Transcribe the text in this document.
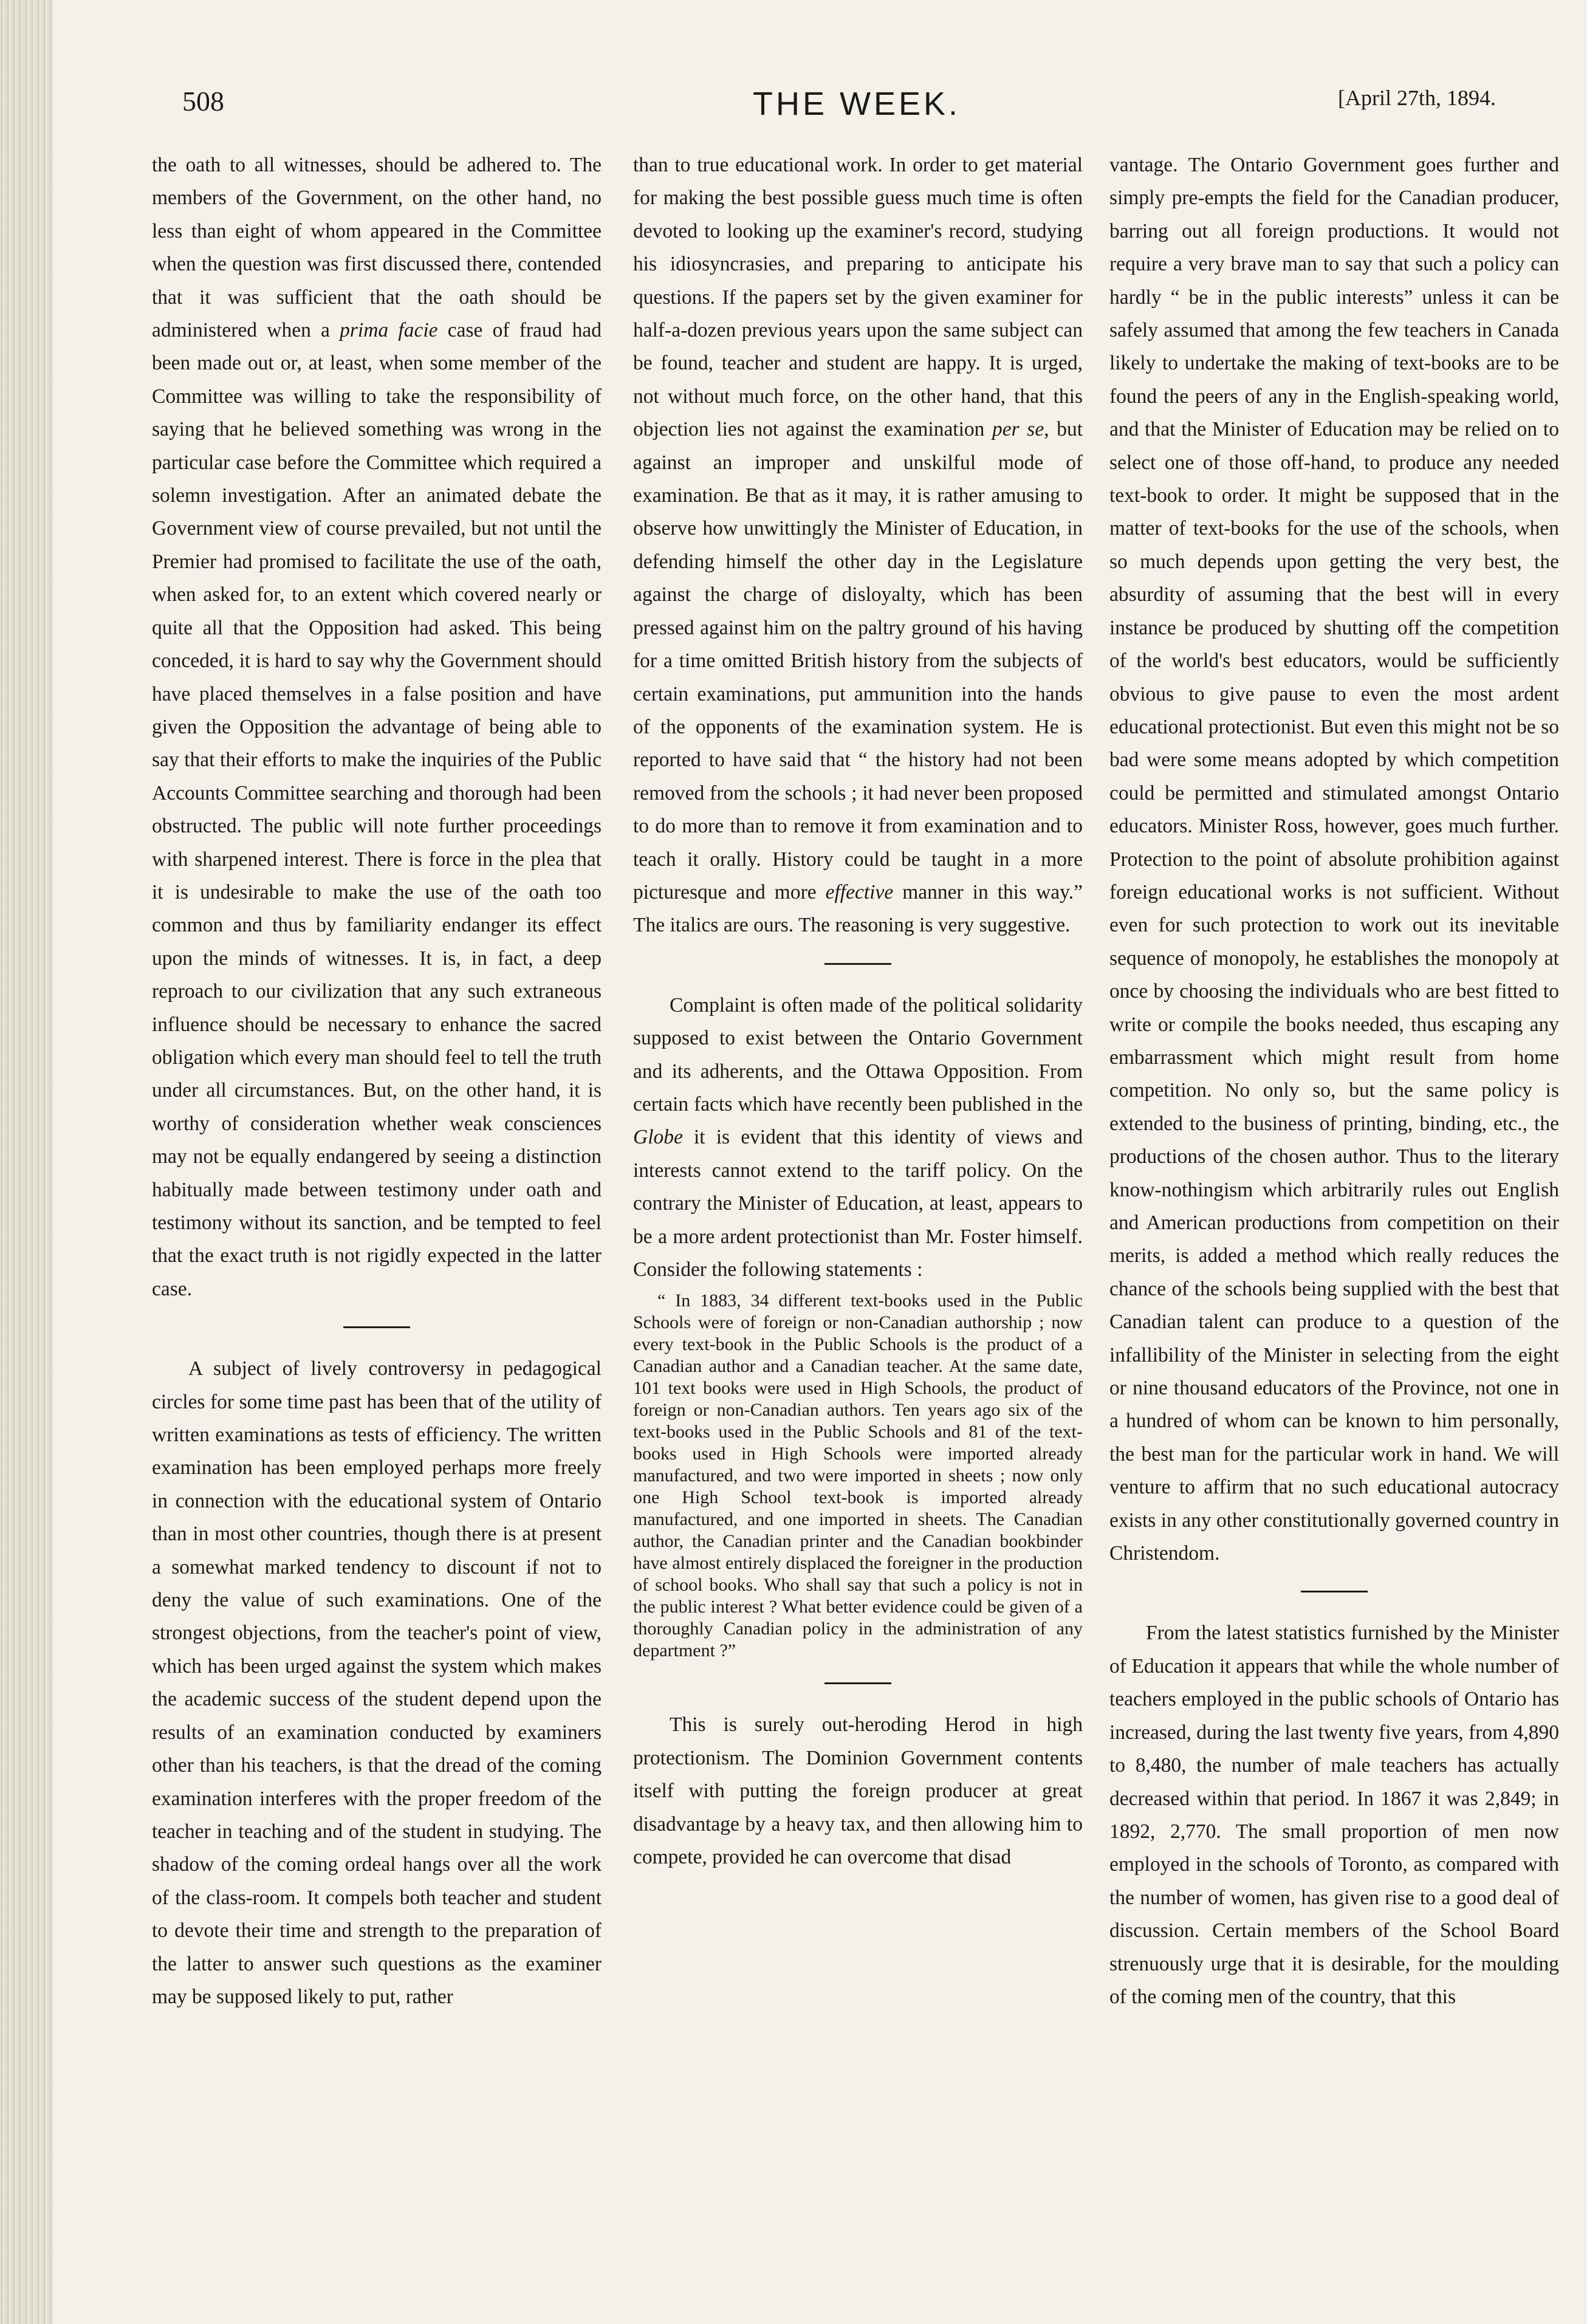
508	THE WEEK.	[April 27th, 1894.

the oath to all witnesses, should be adhered to. The members of the Government, on the other hand, no less than eight of whom appeared in the Committee when the question was first discussed there, contended that it was sufficient that the oath should be administered when a prima facie case of fraud had been made out or, at least, when some member of the Committee was willing to take the responsibility of saying that he believed something was wrong in the particular case before the Committee which required a solemn investigation. After an animated debate the Government view of course prevailed, but not until the Premier had promised to facilitate the use of the oath, when asked for, to an extent which covered nearly or quite all that the Opposition had asked. This being conceded, it is hard to say why the Government should have placed themselves in a false position and have given the Opposition the advantage of being able to say that their efforts to make the inquiries of the Public Accounts Committee searching and thorough had been obstructed. The public will note further proceedings with sharpened interest. There is force in the plea that it is undesirable to make the use of the oath too common and thus by familiarity endanger its effect upon the minds of witnesses. It is, in fact, a deep reproach to our civilization that any such extraneous influence should be necessary to enhance the sacred obligation which every man should feel to tell the truth under all circumstances. But, on the other hand, it is worthy of consideration whether weak consciences may not be equally endangered by seeing a distinction habitually made between testimony under oath and testimony without its sanction, and be tempted to feel that the exact truth is not rigidly expected in the latter case.

A subject of lively controversy in pedagogical circles for some time past has been that of the utility of written examinations as tests of efficiency. The written examination has been employed perhaps more freely in connection with the educational system of Ontario than in most other countries, though there is at present a somewhat marked tendency to discount if not to deny the value of such examinations. One of the strongest objections, from the teacher's point of view, which has been urged against the system which makes the academic success of the student depend upon the results of an examination conducted by examiners other than his teachers, is that the dread of the coming examination interferes with the proper freedom of the teacher in teaching and of the student in studying. The shadow of the coming ordeal hangs over all the work of the class-room. It compels both teacher and student to devote their time and strength to the preparation of the latter to answer such questions as the examiner may be supposed likely to put, rather

than to true educational work. In order to get material for making the best possible guess much time is often devoted to looking up the examiner's record, studying his idiosyncrasies, and preparing to anticipate his questions. If the papers set by the given examiner for half-a-dozen previous years upon the same subject can be found, teacher and student are happy. It is urged, not without much force, on the other hand, that this objection lies not against the examination per se, but against an improper and unskilful mode of examination. Be that as it may, it is rather amusing to observe how unwittingly the Minister of Education, in defending himself the other day in the Legislature against the charge of disloyalty, which has been pressed against him on the paltry ground of his having for a time omitted British history from the subjects of certain examinations, put ammunition into the hands of the opponents of the examination system. He is reported to have said that “ the history had not been removed from the schools ; it had never been proposed to do more than to remove it from examination and to teach it orally. History could be taught in a more picturesque and more effective manner in this way.” The italics are ours. The reasoning is very suggestive.

Complaint is often made of the political solidarity supposed to exist between the Ontario Government and its adherents, and the Ottawa Opposition. From certain facts which have recently been published in the Globe it is evident that this identity of views and interests cannot extend to the tariff policy. On the contrary the Minister of Education, at least, appears to be a more ardent protectionist than Mr. Foster himself. Consider the following statements :

“ In 1883, 34 different text-books used in the Public Schools were of foreign or non-Canadian authorship ; now every text-book in the Public Schools is the product of a Canadian author and a Canadian teacher. At the same date, 101 text books were used in High Schools, the product of foreign or non-Canadian authors. Ten years ago six of the text-books used in the Public Schools and 81 of the text-books used in High Schools were imported already manufactured, and two were imported in sheets ; now only one High School text-book is imported already manufactured, and one imported in sheets. The Canadian author, the Canadian printer and the Canadian bookbinder have almost entirely displaced the foreigner in the production of school books. Who shall say that such a policy is not in the public interest ? What better evidence could be given of a thoroughly Canadian policy in the administration of any department ?”

This is surely out-heroding Herod in high protectionism. The Dominion Government contents itself with putting the foreign producer at great disadvantage by a heavy tax, and then allowing him to compete, provided he can overcome that disad

vantage. The Ontario Government goes further and simply pre-empts the field for the Canadian producer, barring out all foreign productions. It would not require a very brave man to say that such a policy can hardly “ be in the public interests” unless it can be safely assumed that among the few teachers in Canada likely to undertake the making of text-books are to be found the peers of any in the English-speaking world, and that the Minister of Education may be relied on to select one of those off-hand, to produce any needed text-book to order. It might be supposed that in the matter of text-books for the use of the schools, when so much depends upon getting the very best, the absurdity of assuming that the best will in every instance be produced by shutting off the competition of the world's best educators, would be sufficiently obvious to give pause to even the most ardent educational protectionist. But even this might not be so bad were some means adopted by which competition could be permitted and stimulated amongst Ontario educators. Minister Ross, however, goes much further. Protection to the point of absolute prohibition against foreign educational works is not sufficient. Without even for such protection to work out its inevitable sequence of monopoly, he establishes the monopoly at once by choosing the individuals who are best fitted to write or compile the books needed, thus escaping any embarrassment which might result from home competition. No only so, but the same policy is extended to the business of printing, binding, etc., the productions of the chosen author. Thus to the literary know-nothingism which arbitrarily rules out English and American productions from competition on their merits, is added a method which really reduces the chance of the schools being supplied with the best that Canadian talent can produce to a question of the infallibility of the Minister in selecting from the eight or nine thousand educators of the Province, not one in a hundred of whom can be known to him personally, the best man for the particular work in hand. We will venture to affirm that no such educational autocracy exists in any other constitutionally governed country in Christendom.

From the latest statistics furnished by the Minister of Education it appears that while the whole number of teachers employed in the public schools of Ontario has increased, during the last twenty five years, from 4,890 to 8,480, the number of male teachers has actually decreased within that period. In 1867 it was 2,849; in 1892, 2,770. The small proportion of men now employed in the schools of Toronto, as compared with the number of women, has given rise to a good deal of discussion. Certain members of the School Board strenuously urge that it is desirable, for the moulding of the coming men of the country, that this
